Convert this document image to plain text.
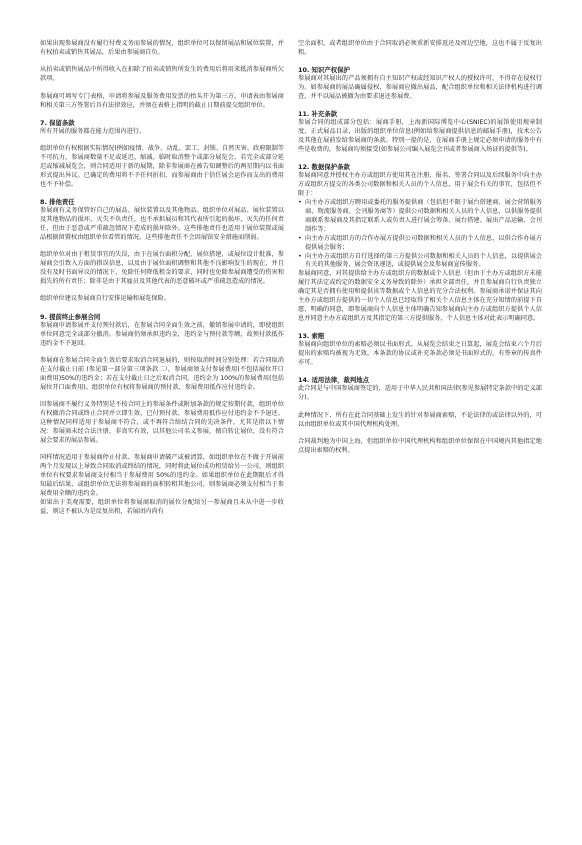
如果出现参展商没有履行付费义务而参展的情况，组织单位可以保留展品和展位装置，并有权拍卖或销售其展品，后果由参展商自负。

从拍卖或销售展品中所得收入在扣除了拍卖或销售所发生的费用后将用来抵消参展商所欠款项。

参展商可填写专门表格，申请将参展及服务费用发票的抬头开为第三方。申请表由参展商和相关第三方签署后具有法律效应，并须在表格上指明的截止日期前提交组织单位。

7. 保留条款

所有开展的服务都在能力范围内进行。

组织单位有权根据实际情况(例如疫情、战争、动乱、罢工、封锁、自然灾害、政府限制等不可抗力，参展商数量不足或延迟、缩减、临时取消整个或部分展览会。若完全或部分延迟或缩减展览会，则合同适用于新的展期，除非参展商在被告知调整后的两星期内以书面形式提出异议。已确定的费用将不予任何折扣，而参展商由于信任展会运作而支出的费用也不予补偿。

8. 排他责任

参展商有义务保管好自己的展品、展位装置以及其他物品。组织单位对展品、展位装置以及其他物品的损坏、灭失不负责任，也不承担展员和其代表所引起的损坏、灭失的任何责任，但由于恶意或严重疏忽情况下造成的损坏除外。这些排他责任也适用于展位装置或展品根据留置权由组织单位看管的情况。这些排他责任不会因展馆安全措施而削弱。

组织单位对由于租赁事宜的失误，由于在展台面积分配、展位搭建，或展位设计批准，参展商会引致入方面的措误信息，以及由于展位面积调整和其他不良影响发生的现在，并且没有及时书面异议的情况下，免除任何降低租金的要求，同时也免除参展商遭受的伤害和损失的所有责任；除非是由于其雇员及其他代表的恶意破坏或严重疏忽造成的情况。

组织单位建议参展商自行安排运输和展览保险。

9. 提前终止参展合同

参展商申请参展并支付预付款后，在参展合同全面生效之前，撤销参展申请的，即使组织单位同意完全或部分撤消。参展商仍须承担违约金，违约金与预付款等额，故预付款抵作违约金不予退回。

参展商在参展合同全面生效后要求取消合同退展的，则按取消时间分别处理：若合同取消在支付截止日前 (参见第一部分第三项条款二），参展商须支付参展费用(不包括展位开口面费用)50%的违约金；若在支付截止日之后取消合同，违约金为 100%的参展费用(包括展位开口面费用)。组织单位有权将参展商的预付款、参展费用抵作应付违约金。

因参展商不履行义务特别是不按合同上的参展条件或附加条款的规定按期付款，组织单位有权撤消合同或终止合同并立即生效，已付预付款、参展费用抵作应付违约金不予退还。这种情况同样适用于参展商不符合，或不再符合缔结合同的先决条件，尤其是指以下情况：参展商未经合法注册、非真实有效，以其他公司名义参展，擅自转让展位，没有符合展会要求的展品参展。

同样情况适用于参展商停止付款、参展商申请破产或被清算，如组织单位在不做于开展前两个月发现以上导致合同取消或终结的情况，同时将此展位成功租赁给另一公司，则组织单位有权要求参展商支付相当于参展费用 50%的违约金。如果组织单位在此期限后才得知最后结果，或组织单位无法将参展商的面积转租其他公司，则参展商必须支付相当于参展费用全额的违约金。

如果出于美观需要，组织单位将参展商取消的展位分配给另一参展商且未从中进一步收益，则这不被认为是反复出租，若展团内尚有

空余面积，或者组织单位由于合同取消必须重新安排返还及周边空地，这也不属于反复出租。

10. 知识产权保护

参展商对其展出的产品须拥有自主知识产权或经知识产权人的授权许可，不得存在侵权行为。如参展商的展品确属侵权，参展商应撤出展品，配合组织单位和相关法律机构进行调查，并不以展品被撤为由要求退还参展费。

11. 补充条款

参展合同的组成部分包括：展商手册，上海新国际博览中心(SNIEC)的展馆使用规章制度，正式展品目录，出版的组织单位信息(例如给参展商提供信息的邮展手册)，技术公告及其他在展前发给参展商的条款。特别一提的是，在展商手册上规定必须申请的服务中有些是收费的，参展商均须接受(如参展公司编入展览会刊或者参展商入场证的提供等)。

12. 数据保护条款

参展商同意并授权主办方或组织方使用其在注册、报名、签署合同以及后续服务中向主办方或组织方提交的各类公司数据和相关人员的个人信息，用于展会有关的事宜，包括但不限于：

• 向主办方或组织方聘用或委托的服务提供商（包括但不限于展台搭建商、展会营销服务商、物流服务商、会刊服务商等）提供公司数据和相关人员的个人信息，以供服务提供商联系参展商及其指定联系人或负责人进行展会筹备、展台搭建、展出产品运输、会刊制作等；
• 向主办方或组织方的合作办展方提供公司数据和相关人员的个人信息，以供合作办展方提供展会服务；
• 向主办方或组织方自行选择的第三方提供公司数据和相关人员的个人信息，以提供展会有关的其他服务，展会资讯递送，或提供展会及参展商宣传服务。

参展商同意，对其提供给主办方或组织方的数据或个人信息（但由于主办方或组织方未能履行其法定或约定的数据安全义务导致的除外）承担全部责任，并且参展商自行负责独立确定其是否拥有使用和提供该等数据或个人信息的充分合法权利。参展商承诺并保证其向主办方或组织方提供的一切个人信息已经取得了相关个人信息主体在充分知情的前提下自愿、明确的同意，即参展商向个人信息主体明确告知参展商向主办方或组织方提供个人信息并同意主办方或组织方及其指定的第三方提供服务，个人信息主体对此表示明确同意。

13. 索赔

参展商向组织单位的索赔必须以书面形式。从展览会结束之日算起，展览会结束六个月后提出的索赔均被视为无效。本条款的协议或补充条款必须是书面形式的，有签章的传真件亦可。

14. 适用法律，裁判地点

此合同是与中国参展商签定的，适用于中华人民共和国法律(参见参展特定条款中的定义部分)。

此种情况下，所有在此合同基础上发生的针对参展商索赔，不论法律的或法律以外的，可以由组织单位或其中国代理机构处理。

合同裁判地为中国上海，但组织单位中国代理机构和组织单位保留在中国境内其他指定地点提出索赔的权利。
